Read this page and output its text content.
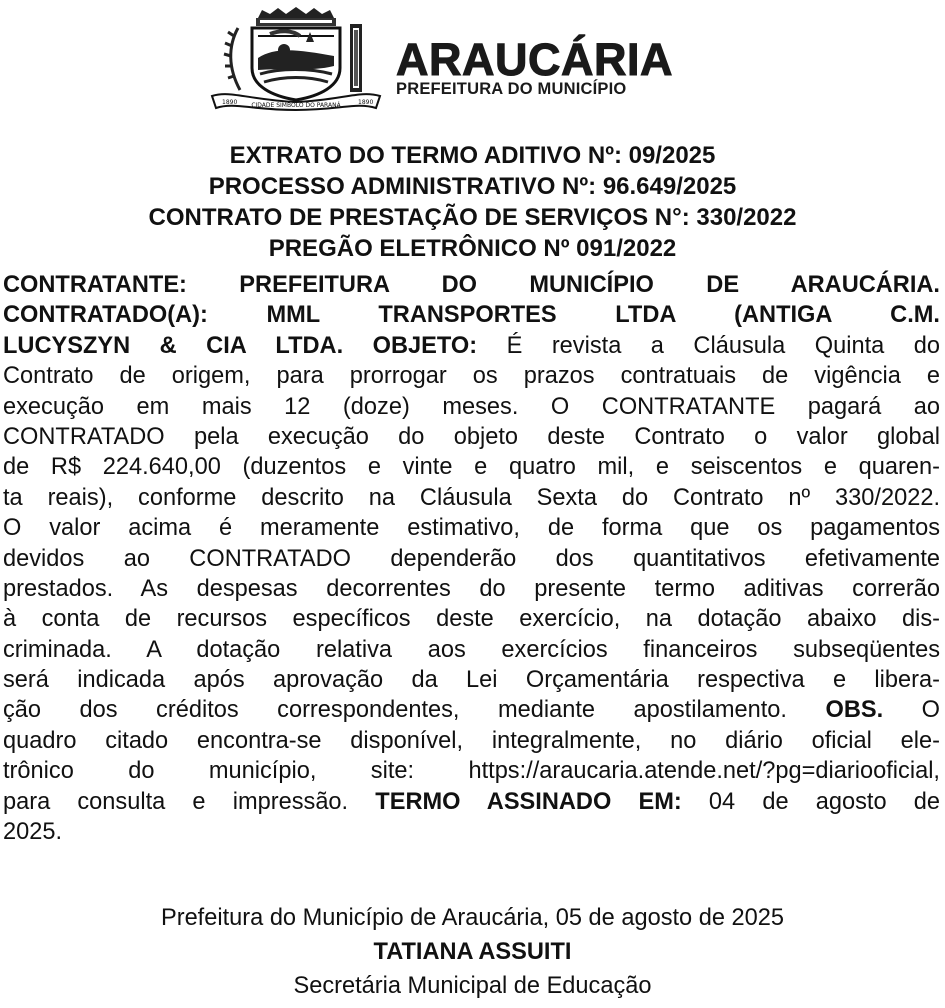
1890 CIDADE SÍMBOLO DO PARANÁ	1890
ARAUCÁRIA
PREFEITURA DO MUNICÍPIO
EXTRATO DO TERMO ADITIVO Nº: 09/2025
PROCESSO ADMINISTRATIVO Nº: 96.649/2025
CONTRATO DE PRESTAÇÃO DE SERVIÇOS N°: 330/2022
PREGÃO ELETRÔNICO Nº 091/2022
CONTRATANTE: PREFEITURA DO MUNICÍPIO DE ARAUCÁRIA.
CONTRATADO(A): MML TRANSPORTES LTDA (ANTIGA C.M.
LUCYSZYN & CIA LTDA. OBJETO: É revista a Cláusula Quinta do
Contrato de origem, para prorrogar os prazos contratuais de vigência e
execução em mais 12 (doze) meses. O CONTRATANTE pagará ao
CONTRATADO pela execução do objeto deste Contrato o valor global
de R$ 224.640,00 (duzentos e vinte e quatro mil, e seiscentos e quaren-
ta reais), conforme descrito na Cláusula Sexta do Contrato nº 330/2022.
O valor acima é meramente estimativo, de forma que os pagamentos
devidos ao CONTRATADO dependerão dos quantitativos efetivamente
prestados. As despesas decorrentes do presente termo aditivas correrão
à conta de recursos específicos deste exercício, na dotação abaixo dis-
criminada. A dotação relativa aos exercícios financeiros subseqüentes
será indicada após aprovação da Lei Orçamentária respectiva e libera-
ção dos créditos correspondentes, mediante apostilamento. OBS. O
quadro citado encontra-se disponível, integralmente, no diário oficial ele-
trônico do município, site: https://araucaria.atende.net/?pg=diariooficial,
para consulta e impressão. TERMO ASSINADO EM: 04 de agosto de
2025.
Prefeitura do Município de Araucária, 05 de agosto de 2025
TATIANA ASSUITI
Secretária Municipal de Educação
